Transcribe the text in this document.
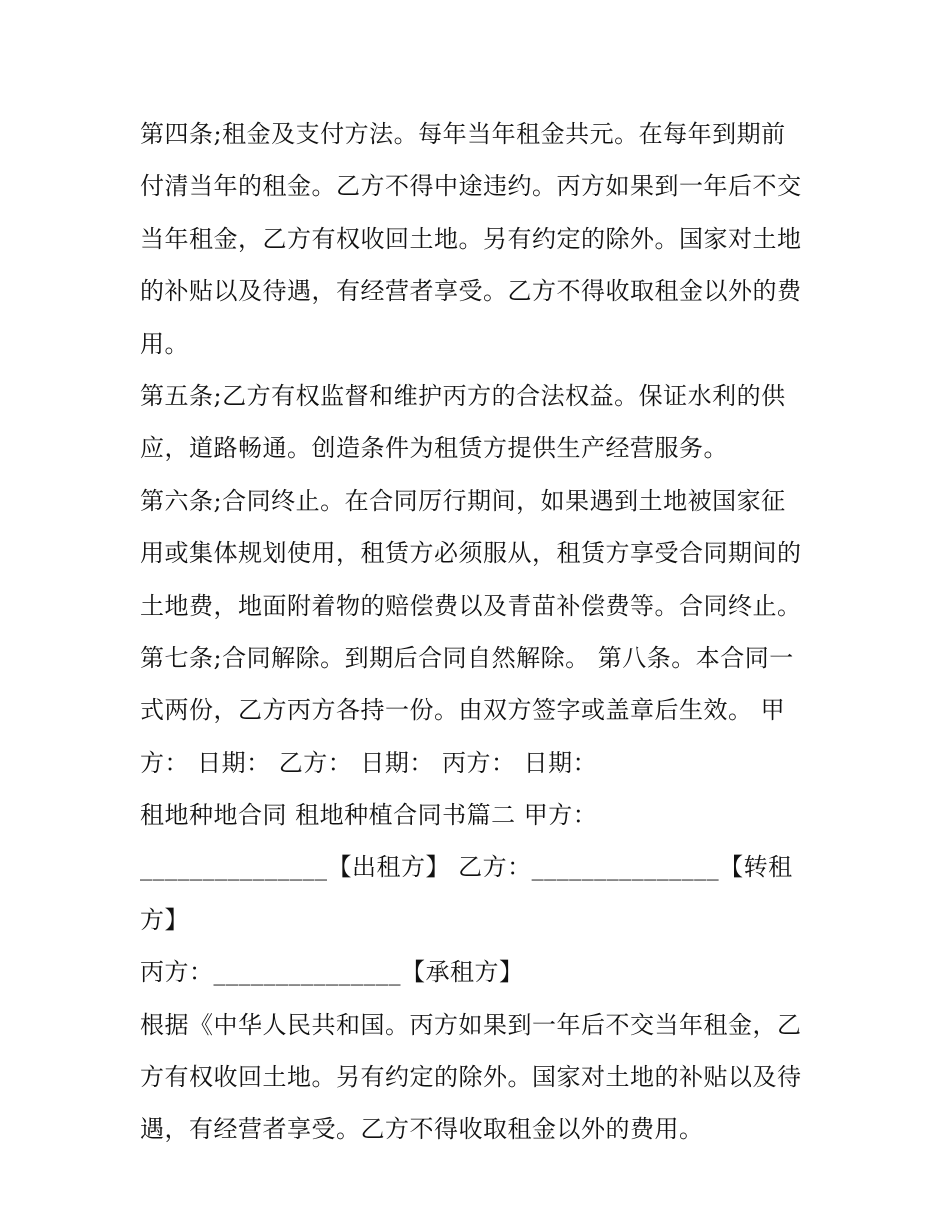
第四条;租金及支付方法。每年当年租金共元。在每年到期前
付清当年的租金。乙方不得中途违约。丙方如果到一年后不交
当年租金，乙方有权收回土地。另有约定的除外。国家对土地
的补贴以及待遇，有经营者享受。乙方不得收取租金以外的费
用。
第五条;乙方有权监督和维护丙方的合法权益。保证水利的供
应，道路畅通。创造条件为租赁方提供生产经营服务。
第六条;合同终止。在合同厉行期间，如果遇到土地被国家征
用或集体规划使用，租赁方必须服从，租赁方享受合同期间的
土地费，地面附着物的赔偿费以及青苗补偿费等。合同终止。
第七条;合同解除。到期后合同自然解除。 第八条。本合同一
式两份，乙方丙方各持一份。由双方签字或盖章后生效。 甲
方： 日期： 乙方： 日期： 丙方： 日期：
租地种地合同 租地种植合同书篇二 甲方：
_______________【出租方】 乙方：_______________【转租
方】
丙方：_______________【承租方】
根据《中华人民共和国。丙方如果到一年后不交当年租金，乙
方有权收回土地。另有约定的除外。国家对土地的补贴以及待
遇，有经营者享受。乙方不得收取租金以外的费用。
